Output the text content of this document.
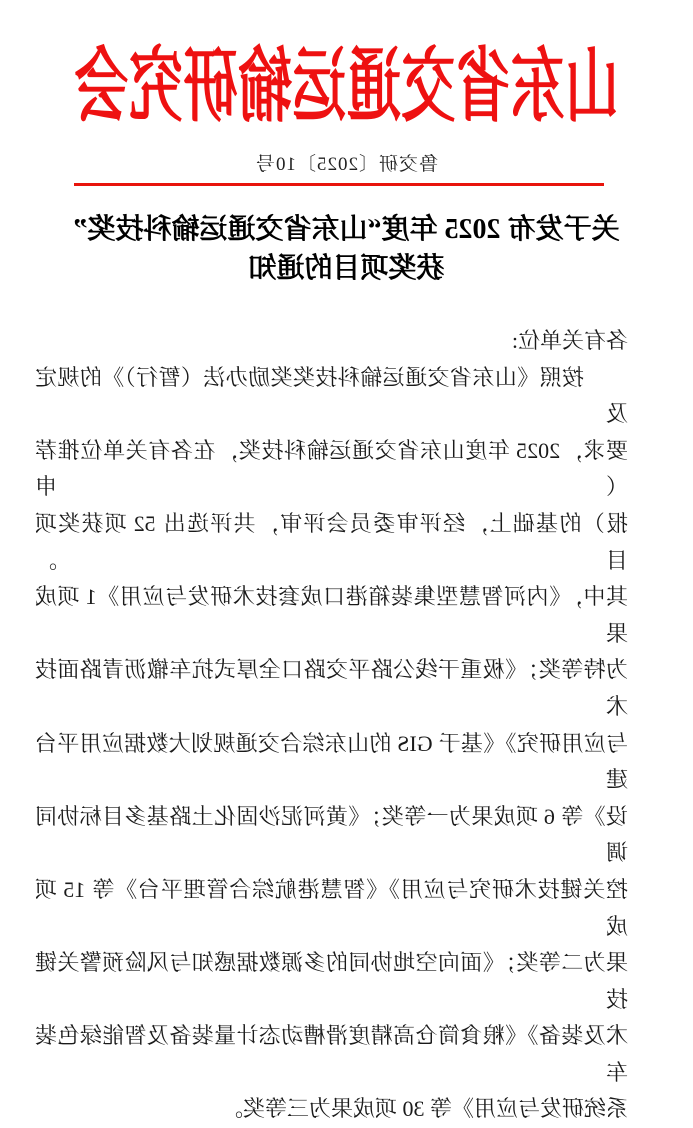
山东省交通运输研究会
鲁交研〔2025〕10号
关于发布 2025 年度“山东省交通运输科技奖”
获奖项目的通知
各有关单位:
按照《山东省交通运输科技奖奖励办法（暂行）》的规定及
要求，2025 年度山东省交通运输科技奖，在各有关单位推荐（申
报）的基础上，经评审委员会评审，共评选出 52 项获奖项目。
其中，《内河智慧型集装箱港口成套技术研发与应用》1 项成果
为特等奖；《极重干线公路平交路口全厚式抗车辙沥青路面技术
与应用研究》《基于 GIS 的山东综合交通规划大数据应用平台建
设》等 6 项成果为一等奖；《黄河泥沙固化土路基多目标协同调
控关键技术研究与应用》《智慧港航综合管理平台》等 15 项成
果为二等奖；《面向空地协同的多源数据感知与风险预警关键技
术及装备》《粮食筒仓高精度滑槽动态计量装备及智能绿色装车
系统研发与应用》等 30 项成果为三等奖。
